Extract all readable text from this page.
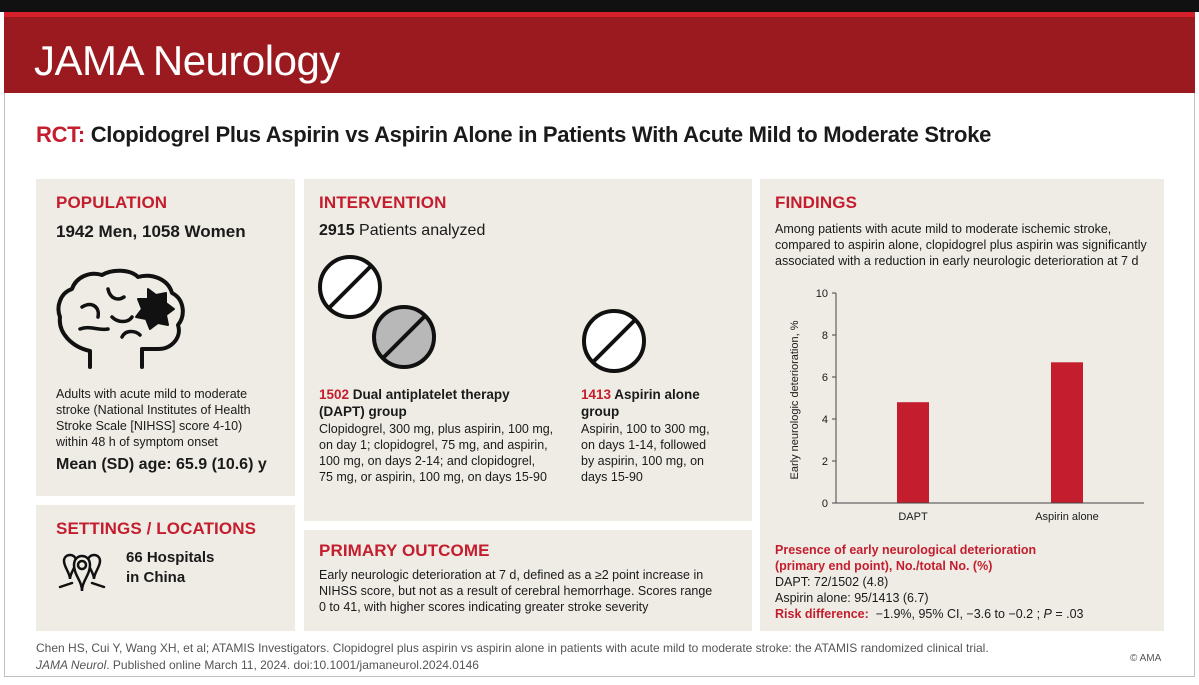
JAMA Neurology
RCT: Clopidogrel Plus Aspirin vs Aspirin Alone in Patients With Acute Mild to Moderate Stroke
POPULATION
1942 Men, 1058 Women
Adults with acute mild to moderate
stroke (National Institutes of Health
Stroke Scale [NIHSS] score 4-10)
within 48 h of symptom onset
Mean (SD) age: 65.9 (10.6) y
SETTINGS / LOCATIONS
66 Hospitals
in China
INTERVENTION
2915 Patients analyzed
1502 Dual antiplatelet therapy
(DAPT) group
Clopidogrel, 300 mg, plus aspirin, 100 mg,
on day 1; clopidogrel, 75 mg, and aspirin,
100 mg, on days 2-14; and clopidogrel,
75 mg, or aspirin, 100 mg, on days 15-90
1413 Aspirin alone
group
Aspirin, 100 to 300 mg,
on days 1-14, followed
by aspirin, 100 mg, on
days 15-90
PRIMARY OUTCOME
Early neurologic deterioration at 7 d, defined as a ≥2 point increase in
NIHSS score, but not as a result of cerebral hemorrhage. Scores range
0 to 41, with higher scores indicating greater stroke severity
FINDINGS
Among patients with acute mild to moderate ischemic stroke,
compared to aspirin alone, clopidogrel plus aspirin was significantly
associated with a reduction in early neurologic deterioration at 7 d
Early neurologic deterioration, %
0
2
4
6
8
10
DAPT	Aspirin alone
Presence of early neurological deterioration
(primary end point), No./total No. (%)
DAPT: 72/1502 (4.8)
Aspirin alone: 95/1413 (6.7)
Risk difference:  −1.9%, 95% CI, −3.6 to −0.2 ; P = .03
Chen HS, Cui Y, Wang XH, et al; ATAMIS Investigators. Clopidogrel plus aspirin vs aspirin alone in patients with acute mild to moderate stroke: the ATAMIS randomized clinical trial.
JAMA Neurol. Published online March 11, 2024. doi:10.1001/jamaneurol.2024.0146	© AMA
